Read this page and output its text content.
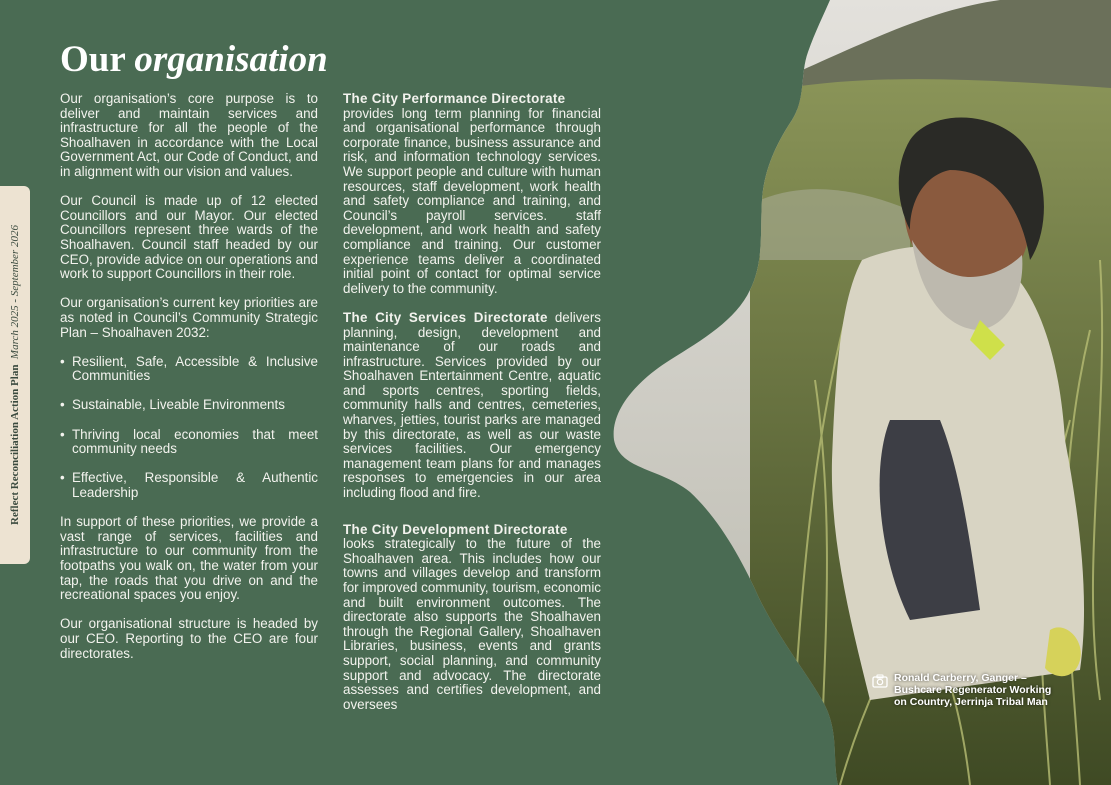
Reflect Reconciliation Action Plan  March 2025 - September 2026
Our organisation

Our organisation’s core purpose is to deliver and maintain services and infrastructure for all the people of the Shoalhaven in accordance with the Local Government Act, our Code of Conduct, and in alignment with our vision and values.

Our Council is made up of 12 elected Councillors and our Mayor. Our elected Councillors represent three wards of the Shoalhaven. Council staff headed by our CEO, provide advice on our operations and work to support Councillors in their role.

Our organisation’s current key priorities are as noted in Council’s Community Strategic Plan – Shoalhaven 2032:

• Resilient, Safe, Accessible & Inclusive Communities
• Sustainable, Liveable Environments
• Thriving local economies that meet community needs
• Effective, Responsible & Authentic Leadership

In support of these priorities, we provide a vast range of services, facilities and infrastructure to our community from the footpaths you walk on, the water from your tap, the roads that you drive on and the recreational spaces you enjoy.

Our organisational structure is headed by our CEO. Reporting to the CEO are four directorates.

The City Performance Directorate
provides long term planning for financial and organisational performance through corporate finance, business assurance and risk, and information technology services. We support people and culture with human resources, staff development, work health and safety compliance and training, and Council’s payroll services. staff development, and work health and safety compliance and training. Our customer experience teams deliver a coordinated initial point of contact for optimal service delivery to the community.

The City Services Directorate delivers planning, design, development and maintenance of our roads and infrastructure. Services provided by our Shoalhaven Entertainment Centre, aquatic and sports centres, sporting fields, community halls and centres, cemeteries, wharves, jetties, tourist parks are managed by this directorate, as well as our waste services facilities. Our emergency management team plans for and manages responses to emergencies in our area including flood and fire.

The City Development Directorate
looks strategically to the future of the Shoalhaven area. This includes how our towns and villages develop and transform for improved community, tourism, economic and built environment outcomes. The directorate also supports the Shoalhaven through the Regional Gallery, Shoalhaven Libraries, business, events and grants support, social planning, and community support and advocacy. The directorate assesses and certifies development, and oversees

Ronald Carberry, Ganger – Bushcare Regenerator Working on Country, Jerrinja Tribal Man
